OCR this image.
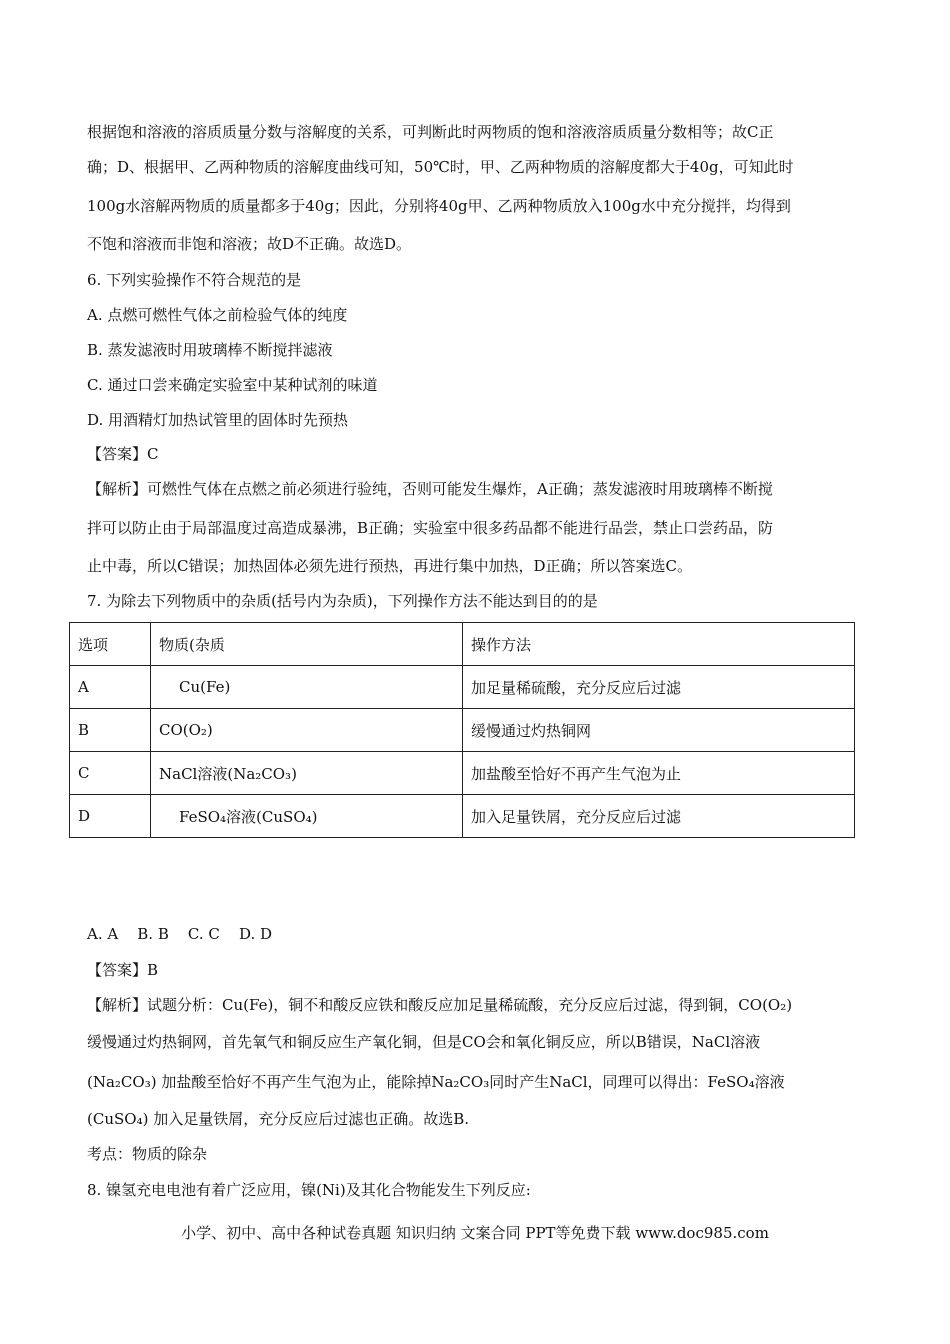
根据饱和溶液的溶质质量分数与溶解度的关系，可判断此时两物质的饱和溶液溶质质量分数相等；故C正
确；D、根据甲、乙两种物质的溶解度曲线可知，50℃时，甲、乙两种物质的溶解度都大于40g，可知此时
100g水溶解两物质的质量都多于40g；因此，分别将40g甲、乙两种物质放入100g水中充分搅拌，均得到
不饱和溶液而非饱和溶液；故D不正确。故选D。
6. 下列实验操作不符合规范的是
A. 点燃可燃性气体之前检验气体的纯度
B. 蒸发滤液时用玻璃棒不断搅拌滤液
C. 通过口尝来确定实验室中某种试剂的味道
D. 用酒精灯加热试管里的固体时先预热
【答案】C
【解析】可燃性气体在点燃之前必须进行验纯，否则可能发生爆炸，A正确；蒸发滤液时用玻璃棒不断搅
拌可以防止由于局部温度过高造成暴沸，B正确；实验室中很多药品都不能进行品尝，禁止口尝药品，防
止中毒，所以C错误；加热固体必须先进行预热，再进行集中加热，D正确；所以答案选C。
7. 为除去下列物质中的杂质(括号内为杂质)，下列操作方法不能达到目的的是
选项	物质(杂质	操作方法
A	Cu(Fe)	加足量稀硫酸，充分反应后过滤
B	CO(O₂)	缓慢通过灼热铜网
C	NaCl溶液(Na₂CO₃)	加盐酸至恰好不再产生气泡为止
D	FeSO₄溶液(CuSO₄)	加入足量铁屑，充分反应后过滤
A. A    B. B    C. C    D. D
【答案】B
【解析】试题分析：Cu(Fe)，铜不和酸反应铁和酸反应加足量稀硫酸，充分反应后过滤，得到铜，CO(O₂)
缓慢通过灼热铜网，首先氧气和铜反应生产氧化铜，但是CO会和氧化铜反应，所以B错误，NaCl溶液
(Na₂CO₃) 加盐酸至恰好不再产生气泡为止，能除掉Na₂CO₃同时产生NaCl，同理可以得出：FeSO₄溶液
(CuSO₄) 加入足量铁屑，充分反应后过滤也正确。故选B.
考点：物质的除杂
8. 镍氢充电电池有着广泛应用，镍(Ni)及其化合物能发生下列反应:
小学、初中、高中各种试卷真题 知识归纳 文案合同 PPT等免费下载 www.doc985.com
